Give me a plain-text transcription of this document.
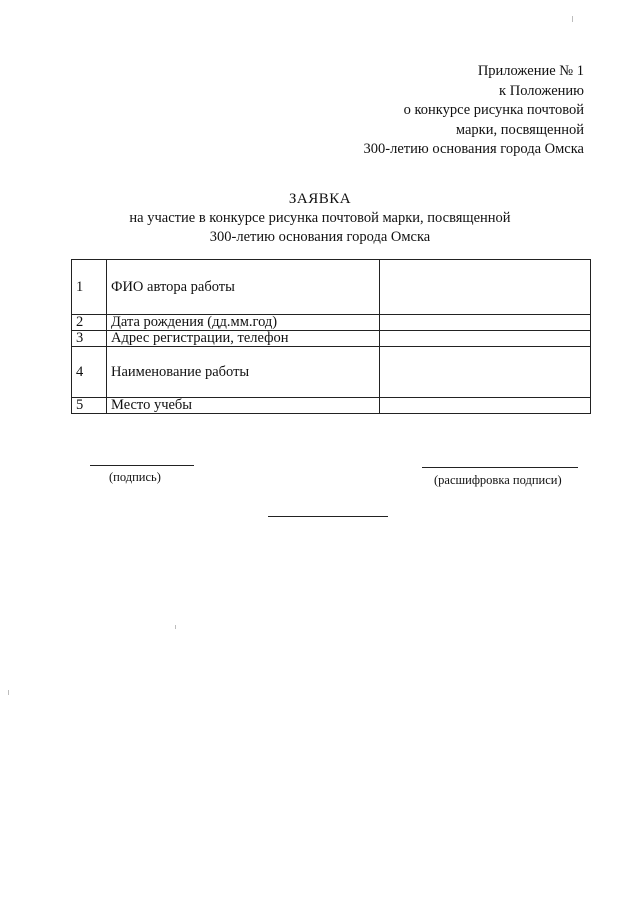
Приложение № 1
к Положению
о конкурсе рисунка почтовой
марки, посвященной
300-летию основания города Омска
ЗАЯВКА
на участие в конкурсе рисунка почтовой марки, посвященной
300-летию основания города Омска
1	ФИО автора работы	
2	Дата рождения (дд.мм.год)	
3	Адрес регистрации, телефон	
4	Наименование работы	
5	Место учебы	
(подпись)	(расшифровка подписи)
